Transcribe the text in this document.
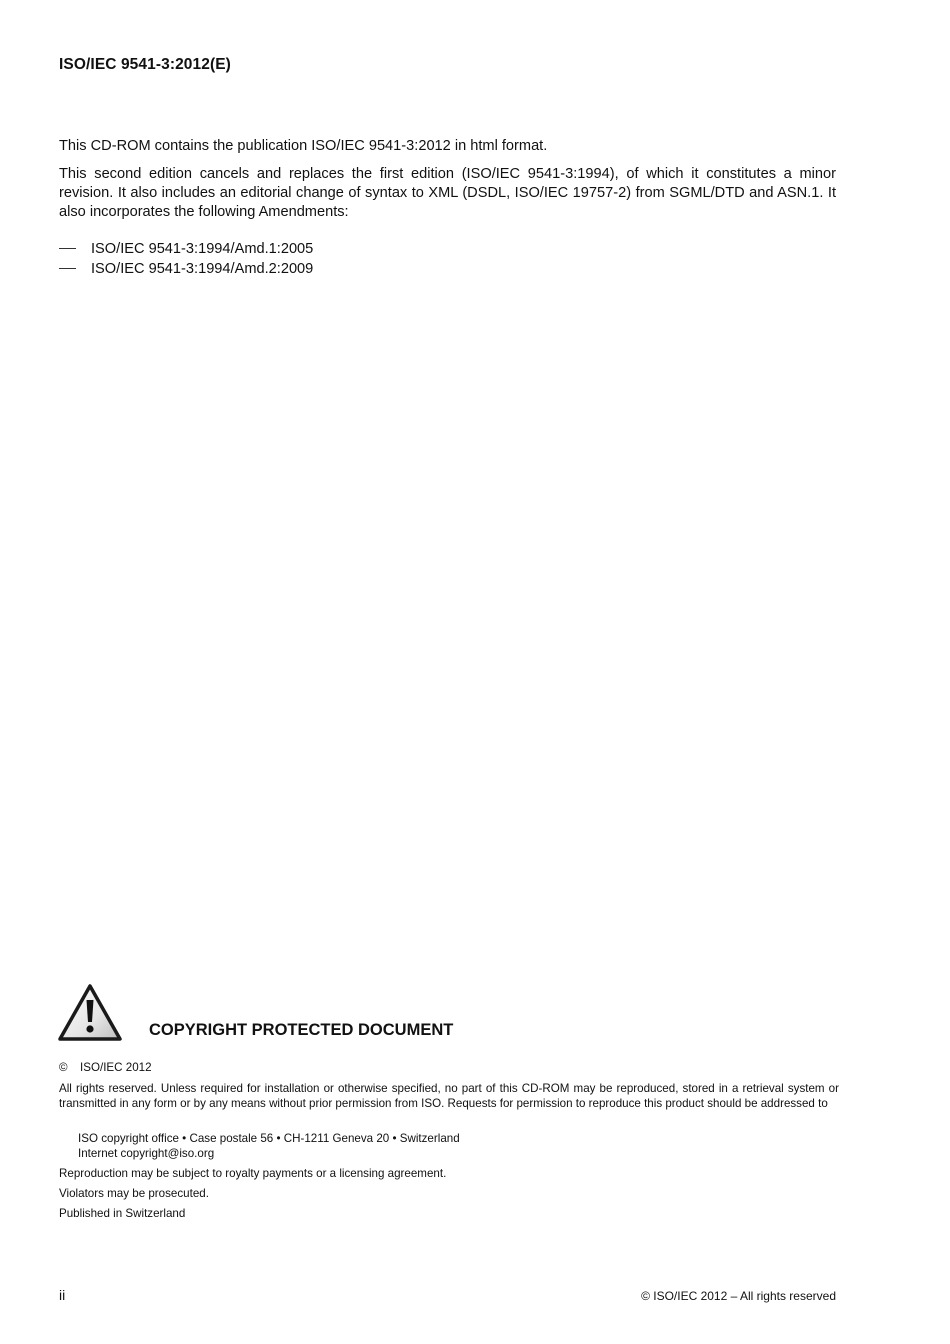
ISO/IEC 9541-3:2012(E)
This CD-ROM contains the publication ISO/IEC 9541-3:2012 in html format.
This second edition cancels and replaces the first edition (ISO/IEC 9541-3:1994), of which it constitutes a minor revision. It also includes an editorial change of syntax to XML (DSDL, ISO/IEC 19757-2) from SGML/DTD and ASN.1. It also incorporates the following Amendments:
ISO/IEC 9541-3:1994/Amd.1:2005
ISO/IEC 9541-3:1994/Amd.2:2009
COPYRIGHT PROTECTED DOCUMENT
© ISO/IEC 2012
All rights reserved. Unless required for installation or otherwise specified, no part of this CD-ROM may be reproduced, stored in a retrieval system or transmitted in any form or by any means without prior permission from ISO. Requests for permission to reproduce this product should be addressed to
ISO copyright office • Case postale 56 • CH-1211 Geneva 20 • Switzerland
Internet copyright@iso.org
Reproduction may be subject to royalty payments or a licensing agreement.
Violators may be prosecuted.
Published in Switzerland
ii	© ISO/IEC 2012 – All rights reserved
